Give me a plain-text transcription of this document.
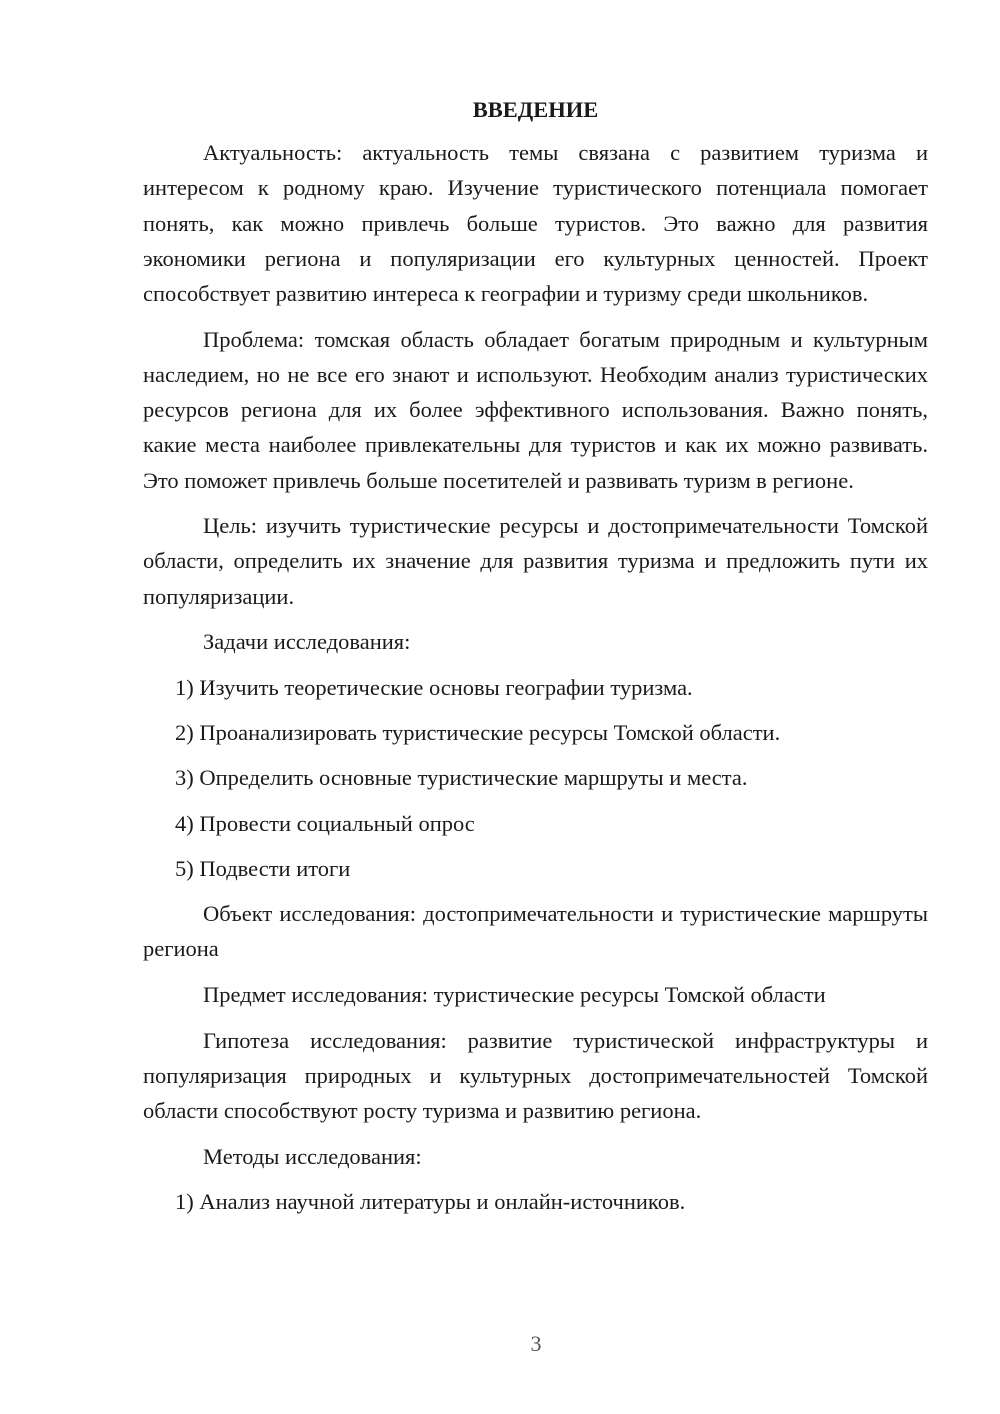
ВВЕДЕНИЕ

Актуальность: актуальность темы связана с развитием туризма и интересом к родному краю. Изучение туристического потенциала помогает понять, как можно привлечь больше туристов. Это важно для развития экономики региона и популяризации его культурных ценностей. Проект способствует развитию интереса к географии и туризму среди школьников.

Проблема: томская область обладает богатым природным и культурным наследием, но не все его знают и используют. Необходим анализ туристических ресурсов региона для их более эффективного использования. Важно понять, какие места наиболее привлекательны для туристов и как их можно развивать. Это поможет привлечь больше посетителей и развивать туризм в регионе.

Цель: изучить туристические ресурсы и достопримечательности Томской области, определить их значение для развития туризма и предложить пути их популяризации.

Задачи исследования:

1) Изучить теоретические основы географии туризма.
2) Проанализировать туристические ресурсы Томской области.
3) Определить основные туристические маршруты и места.
4) Провести социальный опрос
5) Подвести итоги

Объект исследования: достопримечательности и туристические маршруты региона

Предмет исследования: туристические ресурсы Томской области

Гипотеза исследования: развитие туристической инфраструктуры и популяризация природных и культурных достопримечательностей Томской области способствуют росту туризма и развитию региона.

Методы исследования:

1) Анализ научной литературы и онлайн-источников.
3
